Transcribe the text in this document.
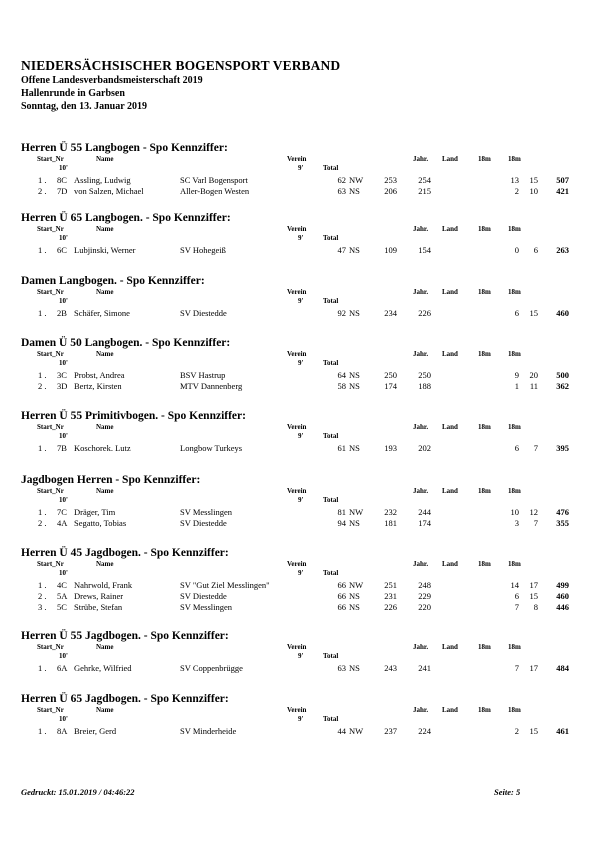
NIEDERSÄCHSISCHER BOGENSPORT VERBAND
Offene Landesverbandsmeisterschaft 2019
Hallenrunde in Garbsen
Sonntag, den 13. Januar 2019
Herren Ü 55 Langbogen - Spo Kennziffer:
Start_Nr	Name	Verein	Jahr. Land	18m 18m
10'	9'	Total
1 . 8C Assling, Ludwig	SC Varl Bogensport	62 NW	253	254	13	15	507
2 . 7D von Salzen, Michael	Aller-Bogen Westen	63 NS	206	215	2	10	421
Herren Ü 65 Langbogen. - Spo Kennziffer:
Start_Nr	Name	Verein	Jahr. Land	18m 18m
10'	9'	Total
1 . 6C Lubjinski, Werner	SV Hohegeiß	47 NS	109	154	0	6	263
Damen Langbogen. - Spo Kennziffer:
Start_Nr	Name	Verein	Jahr. Land	18m 18m
10'	9'	Total
1 . 2B Schäfer, Simone	SV Diestedde	92 NS	234	226	6	15	460
Damen Ü 50 Langbogen. - Spo Kennziffer:
Start_Nr	Name	Verein	Jahr. Land	18m 18m
10'	9'	Total
1 . 3C Probst, Andrea	BSV Hastrup	64 NS	250	250	9	20	500
2 . 3D Bertz, Kirsten	MTV Dannenberg	58 NS	174	188	1	11	362
Herren Ü 55 Primitivbogen. - Spo Kennziffer:
Start_Nr	Name	Verein	Jahr. Land	18m 18m
10'	9'	Total
1 . 7B Koschorek. Lutz	Longbow Turkeys	61 NS	193	202	6	7	395
Jagdbogen Herren - Spo Kennziffer:
Start_Nr	Name	Verein	Jahr. Land	18m 18m
10'	9'	Total
1 . 7C Dräger, Tim	SV Messlingen	81 NW	232	244	10	12	476
2 . 4A Segatto, Tobias	SV Diestedde	94 NS	181	174	3	7	355
Herren Ü 45 Jagdbogen. - Spo Kennziffer:
Start_Nr	Name	Verein	Jahr. Land	18m 18m
10'	9'	Total
1 . 4C Nahrwold, Frank	SV "Gut Ziel Messlingen"	66 NW	251	248	14	17	499
2 . 5A Drews, Rainer	SV Diestedde	66 NS	231	229	6	15	460
3 . 5C Strübe, Stefan	SV Messlingen	66 NS	226	220	7	8	446
Herren Ü 55 Jagdbogen. - Spo Kennziffer:
Start_Nr	Name	Verein	Jahr. Land	18m 18m
10'	9'	Total
1 . 6A Gehrke, Wilfried	SV Coppenbrügge	63 NS	243	241	7	17	484
Herren Ü 65 Jagdbogen. - Spo Kennziffer:
Start_Nr	Name	Verein	Jahr. Land	18m 18m
10'	9'	Total
1 . 8A Breier, Gerd	SV Minderheide	44 NW	237	224	2	15	461
Gedruckt: 15.01.2019 / 04:46:22	Seite: 5
